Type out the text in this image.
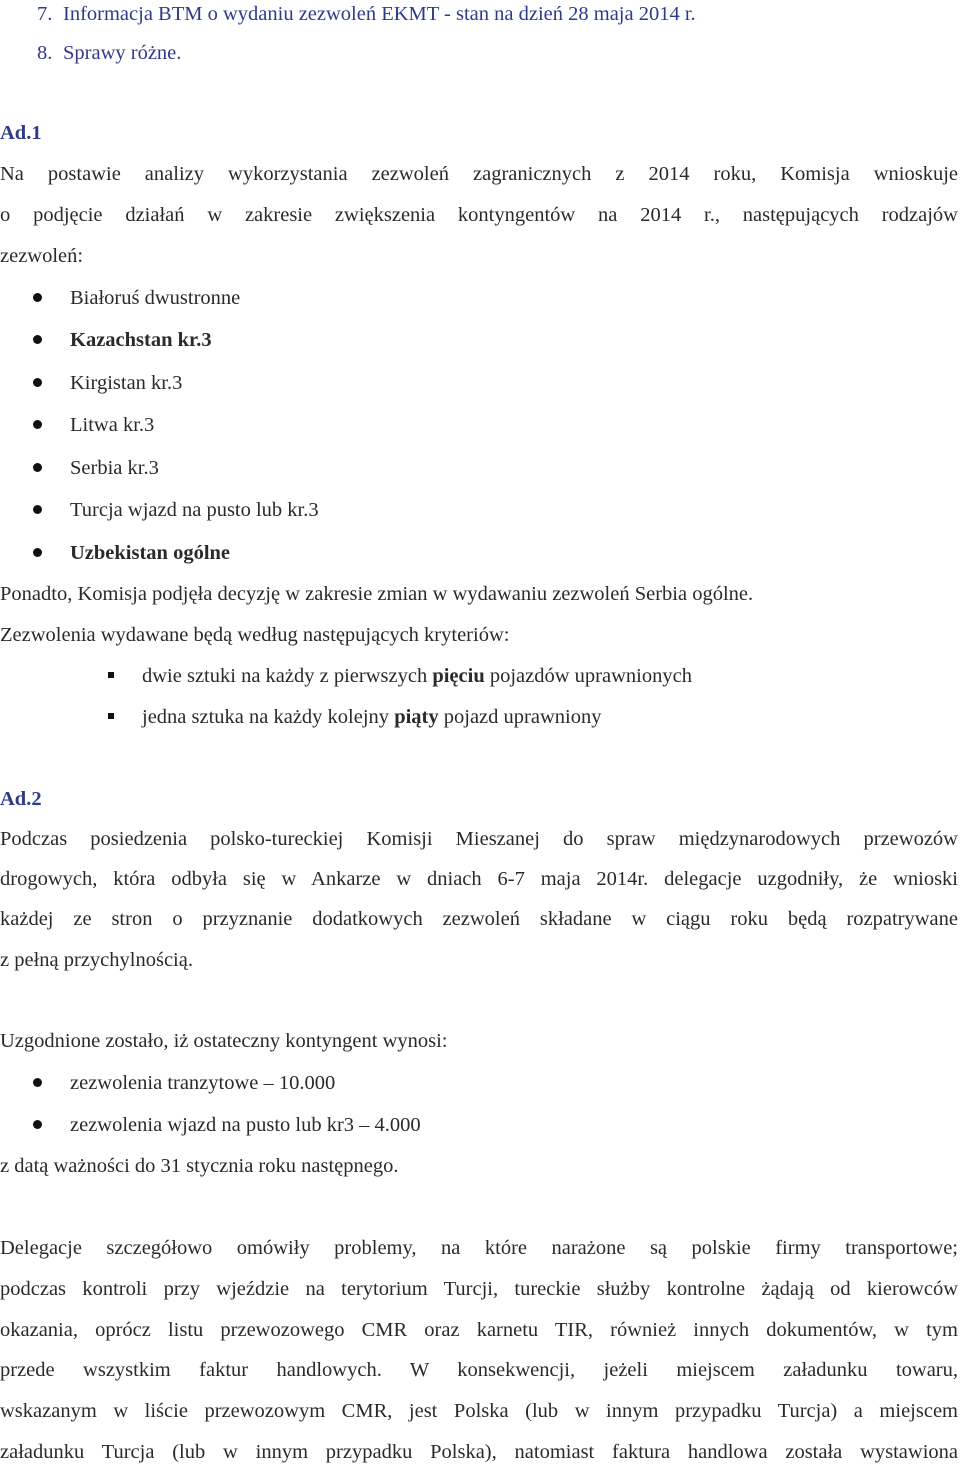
7. Informacja BTM o wydaniu zezwoleń EKMT - stan na dzień 28 maja 2014 r.
8. Sprawy różne.
Ad.1
Na postawie analizy wykorzystania zezwoleń zagranicznych z 2014 roku, Komisja wnioskuje
o podjęcie działań w zakresie zwiększenia kontyngentów na 2014 r., następujących rodzajów
zezwoleń:
Białoruś dwustronne
Kazachstan kr.3
Kirgistan kr.3
Litwa kr.3
Serbia kr.3
Turcja wjazd na pusto lub kr.3
Uzbekistan ogólne
Ponadto, Komisja podjęła decyzję w zakresie zmian w wydawaniu zezwoleń Serbia ogólne.
Zezwolenia wydawane będą według następujących kryteriów:
dwie sztuki na każdy z pierwszych pięciu pojazdów uprawnionych
jedna sztuka na każdy kolejny piąty pojazd uprawniony
Ad.2
Podczas posiedzenia polsko-tureckiej Komisji Mieszanej do spraw międzynarodowych przewozów
drogowych, która odbyła się w Ankarze w dniach 6-7 maja 2014r. delegacje uzgodniły, że wnioski
każdej ze stron o przyznanie dodatkowych zezwoleń składane w ciągu roku będą rozpatrywane
z pełną przychylnością.
Uzgodnione zostało, iż ostateczny kontyngent wynosi:
zezwolenia tranzytowe – 10.000
zezwolenia wjazd na pusto lub kr3 – 4.000
z datą ważności do 31 stycznia roku następnego.
Delegacje szczegółowo omówiły problemy, na które narażone są polskie firmy transportowe;
podczas kontroli przy wjeździe na terytorium Turcji, tureckie służby kontrolne żądają od kierowców
okazania, oprócz listu przewozowego CMR oraz karnetu TIR, również innych dokumentów, w tym
przede wszystkim faktur handlowych. W konsekwencji, jeżeli miejscem załadunku towaru,
wskazanym w liście przewozowym CMR, jest Polska (lub w innym przypadku Turcja) a miejscem
załadunku Turcja (lub w innym przypadku Polska), natomiast faktura handlowa została wystawiona
